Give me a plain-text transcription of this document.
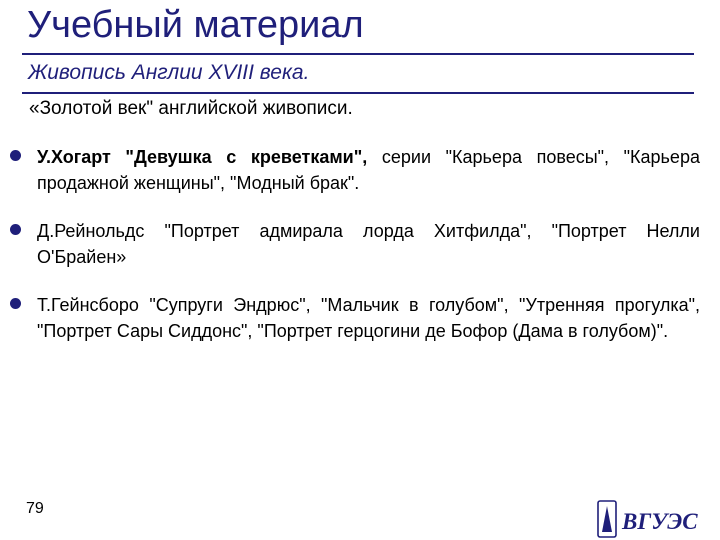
Учебный материал
Живопись Англии XVIII века.
«Золотой век" английской живописи.
У.Хогарт "Девушка с креветками", серии "Карьера повесы", "Карьера продажной женщины", "Модный брак".
Д.Рейнольдс "Портрет адмирала лорда Хитфилда", "Портрет Нелли О'Брайен»
Т.Гейнсборо "Супруги Эндрюс", "Мальчик в голубом", "Утренняя прогулка", "Портрет Сары Сиддонс", "Портрет герцогини де Бофор (Дама в голубом)".
79
ВГУЭС
